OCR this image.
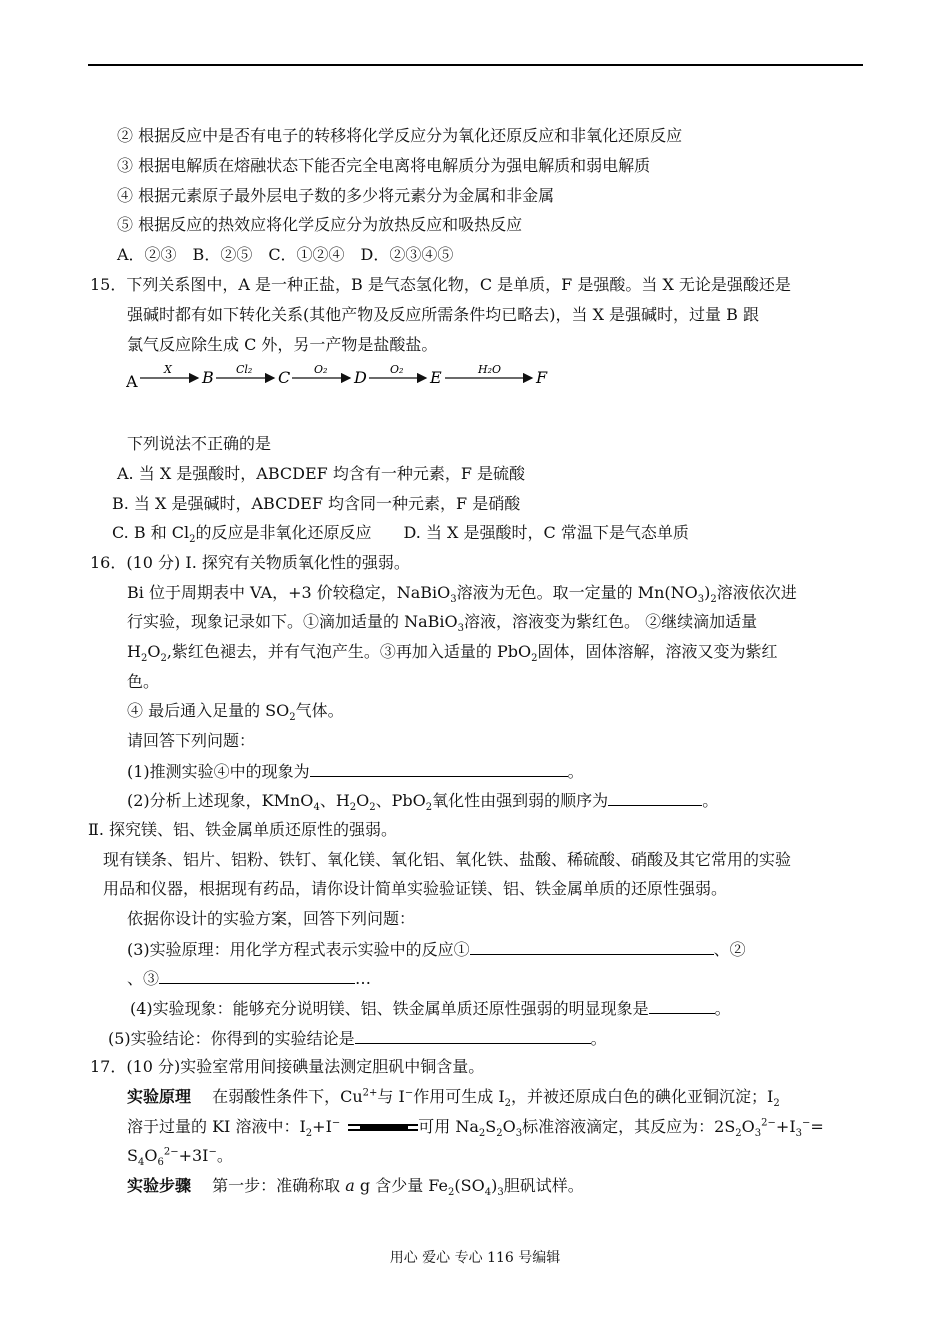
② 根据反应中是否有电子的转移将化学反应分为氧化还原反应和非氧化还原反应
③ 根据电解质在熔融状态下能否完全电离将电解质分为强电解质和弱电解质
④ 根据元素原子最外层电子数的多少将元素分为金属和非金属
⑤ 根据反应的热效应将化学反应分为放热反应和吸热反应
A．②③　B．②⑤　C．①②④　D．②③④⑤
15．下列关系图中，A 是一种正盐，B 是气态氢化物，C 是单质，F 是强酸。当 X 无论是强酸还是
强碱时都有如下转化关系(其他产物及反应所需条件均已略去)，当 X 是强碱时，过量 B 跟
氯气反应除生成 C 外，另一产物是盐酸盐。
A
X B Cl₂ C O₂ D O₂ E	H₂O F
下列说法不正确的是
A. 当 X 是强酸时，ABCDEF 均含有一种元素，F 是硫酸
B. 当 X 是强碱时，ABCDEF 均含同一种元素，F 是硝酸
C. B 和 $Cl_2$的反应是非氧化还原反应　　D. 当 X 是强酸时，C 常温下是气态单质
16．(10 分) Ⅰ. 探究有关物质氧化性的强弱。
Bi 位于周期表中 VA，+3 价较稳定，NaBiO$_3$溶液为无色。取一定量的 $Mn(NO_3)_2$溶液依次进
行实验，现象记录如下。①滴加适量的 NaBiO$_3$溶液，溶液变为紫红色。 ②继续滴加适量
$H_2O_2$,紫红色褪去，并有气泡产生。③再加入适量的 PbO$_2$固体，固体溶解，溶液又变为紫红
色。
④ 最后通入足量的 $SO_2$气体。
请回答下列问题：
(1)推测实验④中的现象为	。
(2)分析上述现象，KMnO$_4$、$H_2O_2$、PbO$_2$氧化性由强到弱的顺序为	。
Ⅱ. 探究镁、铝、铁金属单质还原性的强弱。
现有镁条、铝片、铝粉、铁钉、氧化镁、氧化铝、氧化铁、盐酸、稀硫酸、硝酸及其它常用的实验
用品和仪器，根据现有药品，请你设计简单实验验证镁、铝、铁金属单质的还原性强弱。
依据你设计的实验方案，回答下列问题：
(3)实验原理：用化学方程式表示实验中的反应①	、②
、③	…
(4)实验现象：能够充分说明镁、铝、铁金属单质还原性强弱的明显现象是	。
(5)实验结论：你得到的实验结论是	。
17．(10 分)实验室常用间接碘量法测定胆矾中铜含量。
实验原理　 在弱酸性条件下，$Cu^{2+}$与 I−作用可生成 $I_2$，并被还原成白色的碘化亚铜沉淀；$I_2$
溶于过量的 KI 溶液中：$I_2+I^-$	可用 $Na_2S_2O_3$标准溶液滴定，其反应为：$2S_2O_3^{2-}+I_3^-=$
$S_4O_6^{2-}+3I^-$。
实验步骤　 第一步：准确称取 a g 含少量 $Fe_2(SO_4)_3$胆矾试样。
用心 爱心 专心 116 号编辑
